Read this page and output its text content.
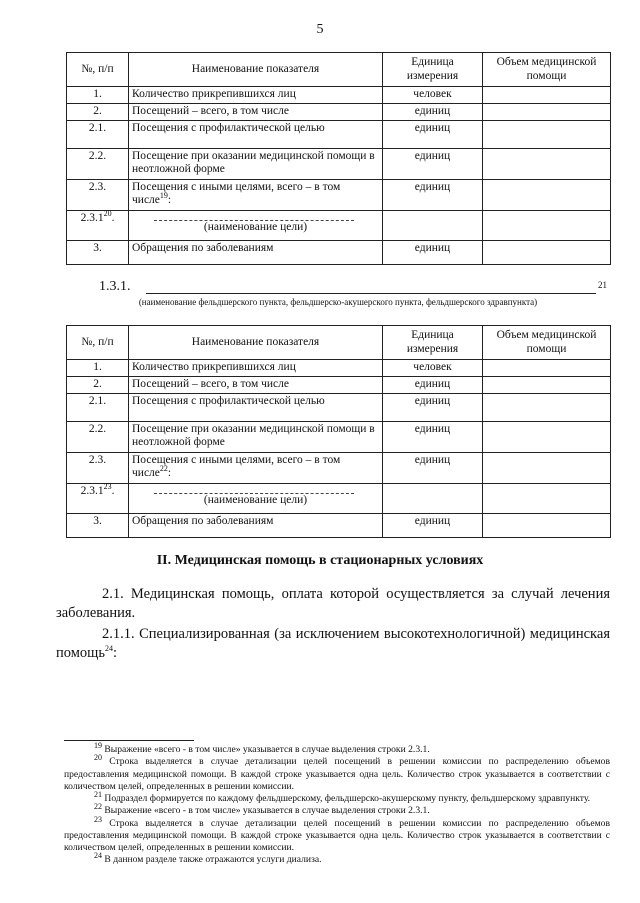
5
№, п/п	Наименование показателя	Единица измерения	Объем медицинской помощи
1.	Количество прикрепившихся лиц	человек	
2.	Посещений – всего, в том числе	единиц	
2.1.	Посещения с профилактической целью	единиц	
2.2.	Посещение при оказании медицинской помощи в неотложной форме	единиц	
2.3.	Посещения с иными целями, всего – в том числе$^{19}$:	единиц	
2.3.1$^{20}$.	(наименование цели)		
3.	Обращения по заболеваниям	единиц	
1.3.1.	21
(наименование фельдшерского пункта, фельдшерско-акушерского пункта, фельдшерского здравпункта)
№, п/п	Наименование показателя	Единица измерения	Объем медицинской помощи
1.	Количество прикрепившихся лиц	человек	
2.	Посещений – всего, в том числе	единиц	
2.1.	Посещения с профилактической целью	единиц	
2.2.	Посещение при оказании медицинской помощи в неотложной форме	единиц	
2.3.	Посещения с иными целями, всего – в том числе$^{22}$:	единиц	
2.3.1$^{23}$.	(наименование цели)		
3.	Обращения по заболеваниям	единиц	
II. Медицинская помощь в стационарных условиях
2.1. Медицинская помощь, оплата которой осуществляется за случай лечения заболевания.
2.1.1. Специализированная (за исключением высокотехнологичной) медицинская помощь$^{24}$:
$^{19}$ Выражение «всего - в том числе» указывается в случае выделения строки 2.3.1.
$^{20}$ Строка выделяется в случае детализации целей посещений в решении комиссии по распределению объемов предоставления медицинской помощи. В каждой строке указывается одна цель. Количество строк указывается в соответствии с количеством целей, определенных в решении комиссии.
$^{21}$ Подраздел формируется по каждому фельдшерскому, фельдшерско-акушерскому пункту, фельдшерскому здравпункту.
$^{22}$ Выражение «всего - в том числе» указывается в случае выделения строки 2.3.1.
$^{23}$ Строка выделяется в случае детализации целей посещений в решении комиссии по распределению объемов предоставления медицинской помощи. В каждой строке указывается одна цель. Количество строк указывается в соответствии с количеством целей, определенных в решении комиссии.
$^{24}$ В данном разделе также отражаются услуги диализа.
